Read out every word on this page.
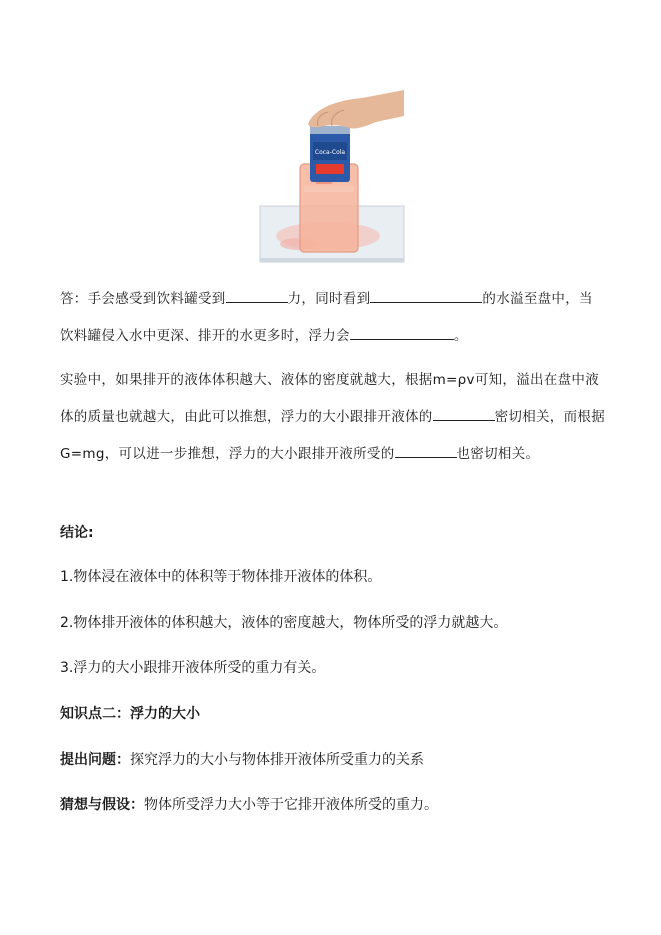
Coca-Cola
答：手会感受到饮料罐受到	力，同时看到	的水溢至盘中，当饮料罐侵入水中更深、排开的水更多时，浮力会	。
实验中，如果排开的液体体积越大、液体的密度就越大，根据m=ρv可知，溢出在盘中液体的质量也就越大，由此可以推想，浮力的大小跟排开液体的	密切相关，而根据G=mg，可以进一步推想，浮力的大小跟排开液所受的	也密切相关。
结论:
1.物体浸在液体中的体积等于物体排开液体的体积。
2.物体排开液体的体积越大，液体的密度越大，物体所受的浮力就越大。
3.浮力的大小跟排开液体所受的重力有关。
知识点二：浮力的大小
提出问题：探究浮力的大小与物体排开液体所受重力的关系
猜想与假设：物体所受浮力大小等于它排开液体所受的重力。
